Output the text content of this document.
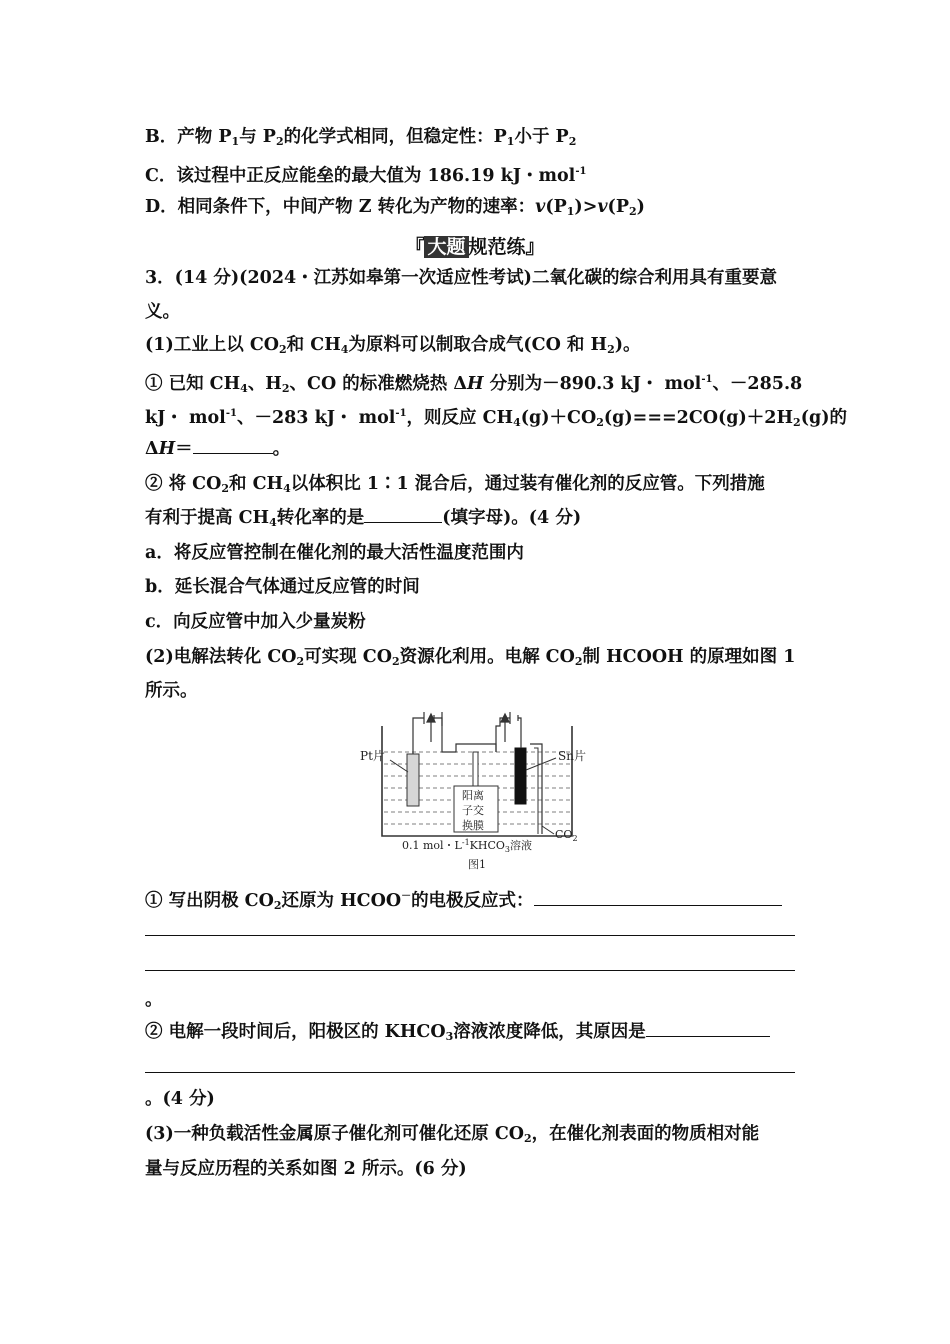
B．产物 $P_1$与 $P_2$的化学式相同，但稳定性：$P_1$小于 $P_2$
C．该过程中正反应能垒的最大值为 186.19 kJ・mol$^{-1}$
D．相同条件下，中间产物 Z 转化为产物的速率：$v(P_1)>v(P_2)$
『 大题 规范练』
3．(14 分)(2024・江苏如皋第一次适应性考试)二氧化碳的综合利用具有重要意
义。
(1)工业上以 $CO_2$和 $CH_4$为原料可以制取合成气(CO 和 $H_2$)。
① 已知 $CH_4$、$H_2$、CO 的标准燃烧热 ΔH 分别为－890.3 kJ・ mol$^{-1}$、－285.8
kJ・ mol$^{-1}$、－283 kJ・ mol$^{-1}$，则反应 $CH_4(g)+CO_2(g)===2CO(g)+2H_2(g)$的
ΔH＝	。
② 将 $CO_2$和 $CH_4$以体积比 1∶1 混合后，通过装有催化剂的反应管。下列措施
有利于提高 $CH_4$转化率的是	(填字母)。(4 分)
a．将反应管控制在催化剂的最大活性温度范围内
b．延长混合气体通过反应管的时间
c．向反应管中加入少量炭粉
(2)电解法转化 $CO_2$可实现 $CO_2$资源化利用。电解 $CO_2$制 HCOOH 的原理如图 1
所示。
Pt片	Sn片
阳离
子交
换膜
$CO_2$
0.1 mol・$L^{-1}KHCO_3$溶液
图1
① 写出阴极 $CO_2$还原为 HCOO－的电极反应式：
。
② 电解一段时间后，阳极区的 $KHCO_3$溶液浓度降低，其原因是
。(4 分)
(3)一种负载活性金属原子催化剂可催化还原 $CO_2$，在催化剂表面的物质相对能
量与反应历程的关系如图 2 所示。(6 分)
